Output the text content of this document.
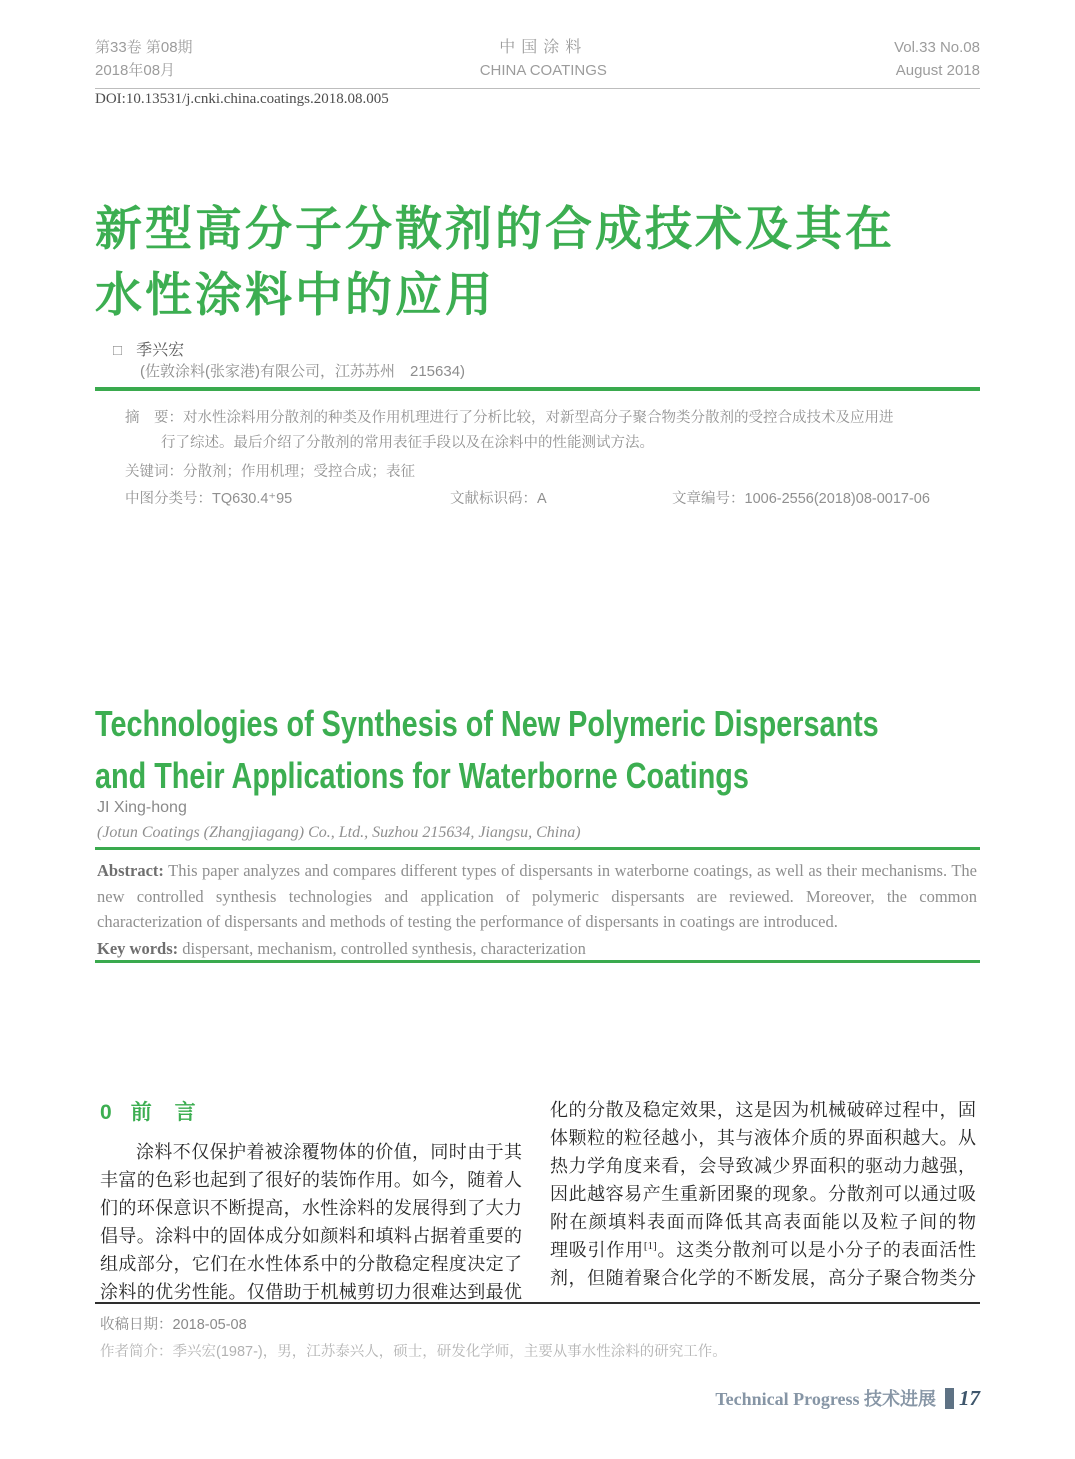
第33卷 第08期
2018年08月
中国涂料
CHINA COATINGS
Vol.33 No.08
August 2018
DOI:10.13531/j.cnki.china.coatings.2018.08.005
新型高分子分散剂的合成技术及其在
水性涂料中的应用
□ 季兴宏
(佐敦涂料(张家港)有限公司，江苏苏州　215634)
摘　要：对水性涂料用分散剂的种类及作用机理进行了分析比较，对新型高分子聚合物类分散剂的受控合成技术及应用进
行了综述。最后介绍了分散剂的常用表征手段以及在涂料中的性能测试方法。
关键词：分散剂；作用机理；受控合成；表征
中图分类号：TQ630.4⁺95	文献标识码：A	文章编号：1006-2556(2018)08-0017-06
Technologies of Synthesis of New Polymeric Dispersants
and Their Applications for Waterborne Coatings
JI Xing-hong
(Jotun Coatings (Zhangjiagang) Co., Ltd., Suzhou 215634, Jiangsu, China)
Abstract: This paper analyzes and compares different types of dispersants in waterborne coatings, as well as their mechanisms. The new controlled synthesis technologies and application of polymeric dispersants are reviewed. Moreover, the common characterization of dispersants and methods of testing the performance of dispersants in coatings are introduced.
Key words: dispersant, mechanism, controlled synthesis, characterization
0 前　言
涂料不仅保护着被涂覆物体的价值，同时由于其
丰富的色彩也起到了很好的装饰作用。如今，随着人
们的环保意识不断提高，水性涂料的发展得到了大力
倡导。涂料中的固体成分如颜料和填料占据着重要的
组成部分，它们在水性体系中的分散稳定程度决定了
涂料的优劣性能。仅借助于机械剪切力很难达到最优
化的分散及稳定效果，这是因为机械破碎过程中，固
体颗粒的粒径越小，其与液体介质的界面积越大。从
热力学角度来看，会导致减少界面积的驱动力越强，
因此越容易产生重新团聚的现象。分散剂可以通过吸
附在颜填料表面而降低其高表面能以及粒子间的物
理吸引作用[1]。这类分散剂可以是小分子的表面活性
剂，但随着聚合化学的不断发展，高分子聚合物类分
收稿日期：2018-05-08
作者简介：季兴宏(1987-)，男，江苏泰兴人，硕士，研发化学师，主要从事水性涂料的研究工作。
Technical Progress 技术进展 17
